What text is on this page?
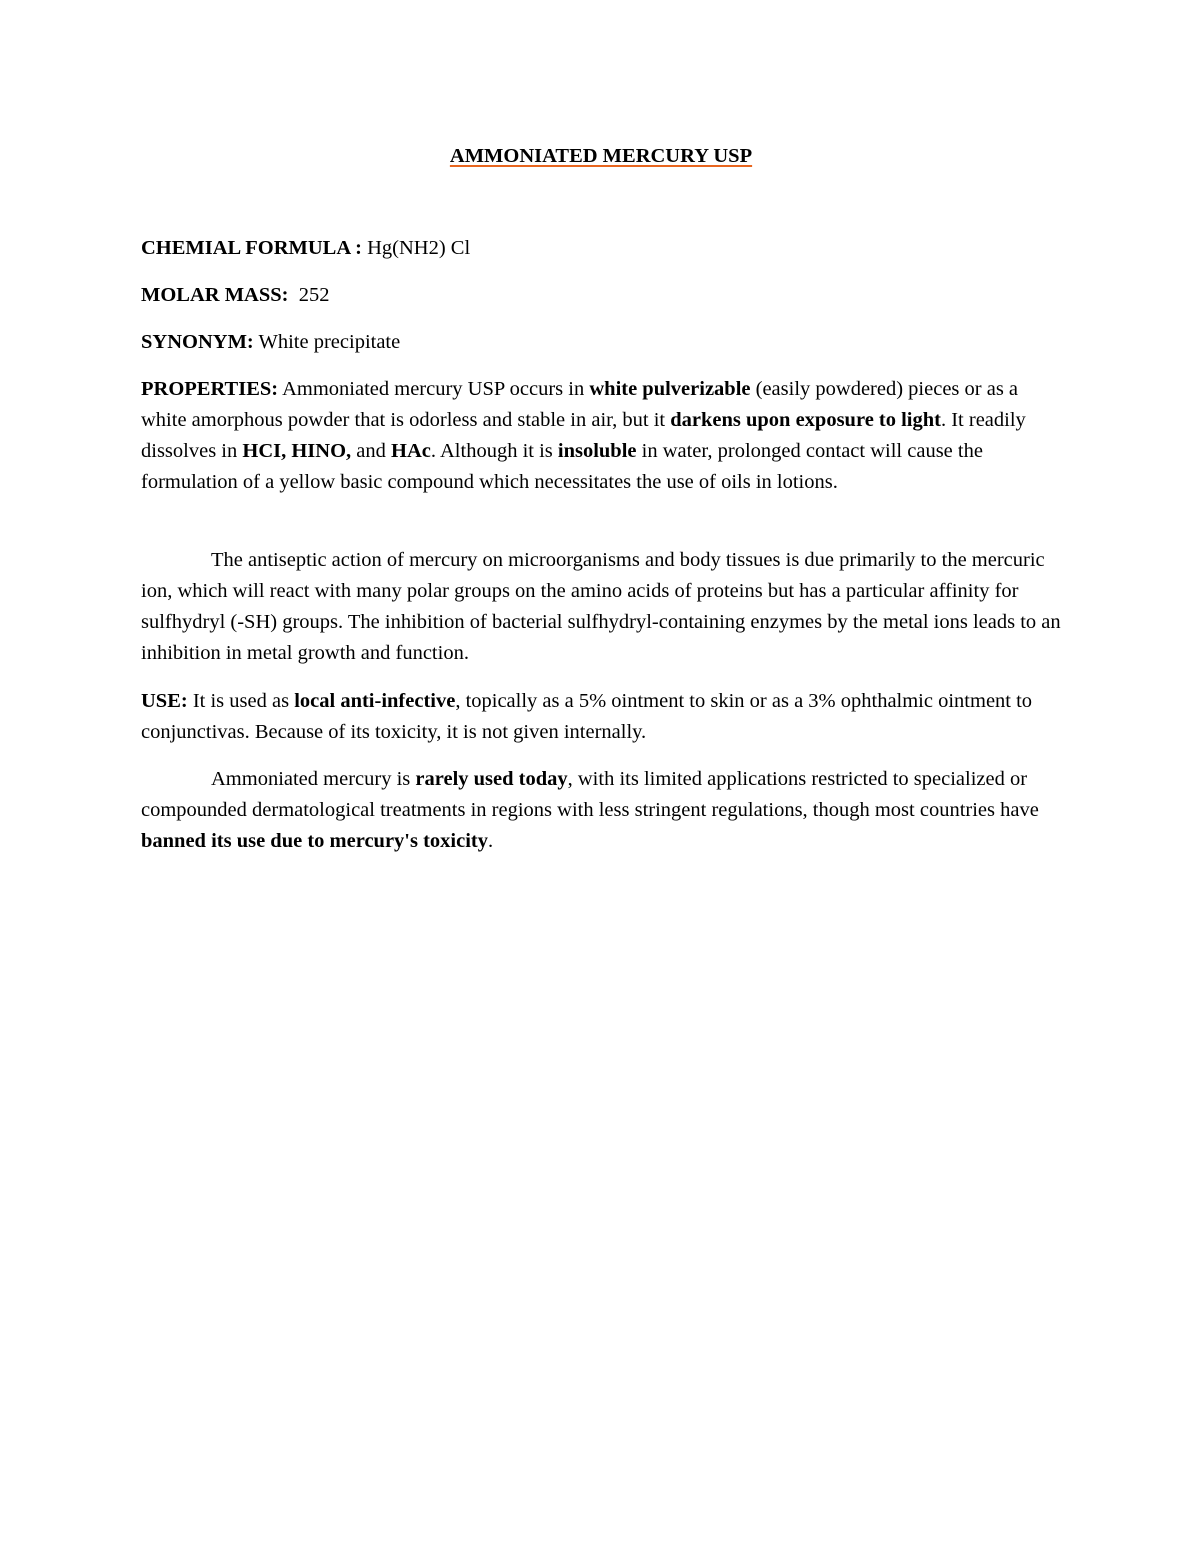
AMMONIATED MERCURY USP

CHEMIAL FORMULA : Hg(NH2) Cl

MOLAR MASS:  252

SYNONYM: White precipitate

PROPERTIES: Ammoniated mercury USP occurs in white pulverizable (easily powdered) pieces or as a white amorphous powder that is odorless and stable in air, but it darkens upon exposure to light. It readily dissolves in HCI, HINO, and HAc. Although it is insoluble in water, prolonged contact will cause the formulation of a yellow basic compound which necessitates the use of oils in lotions.

The antiseptic action of mercury on microorganisms and body tissues is due primarily to the mercuric ion, which will react with many polar groups on the amino acids of proteins but has a particular affinity for sulfhydryl (-SH) groups. The inhibition of bacterial sulfhydryl-containing enzymes by the metal ions leads to an inhibition in metal growth and function.

USE: It is used as local anti-infective, topically as a 5% ointment to skin or as a 3% ophthalmic ointment to conjunctivas. Because of its toxicity, it is not given internally.

Ammoniated mercury is rarely used today, with its limited applications restricted to specialized or compounded dermatological treatments in regions with less stringent regulations, though most countries have banned its use due to mercury's toxicity.
